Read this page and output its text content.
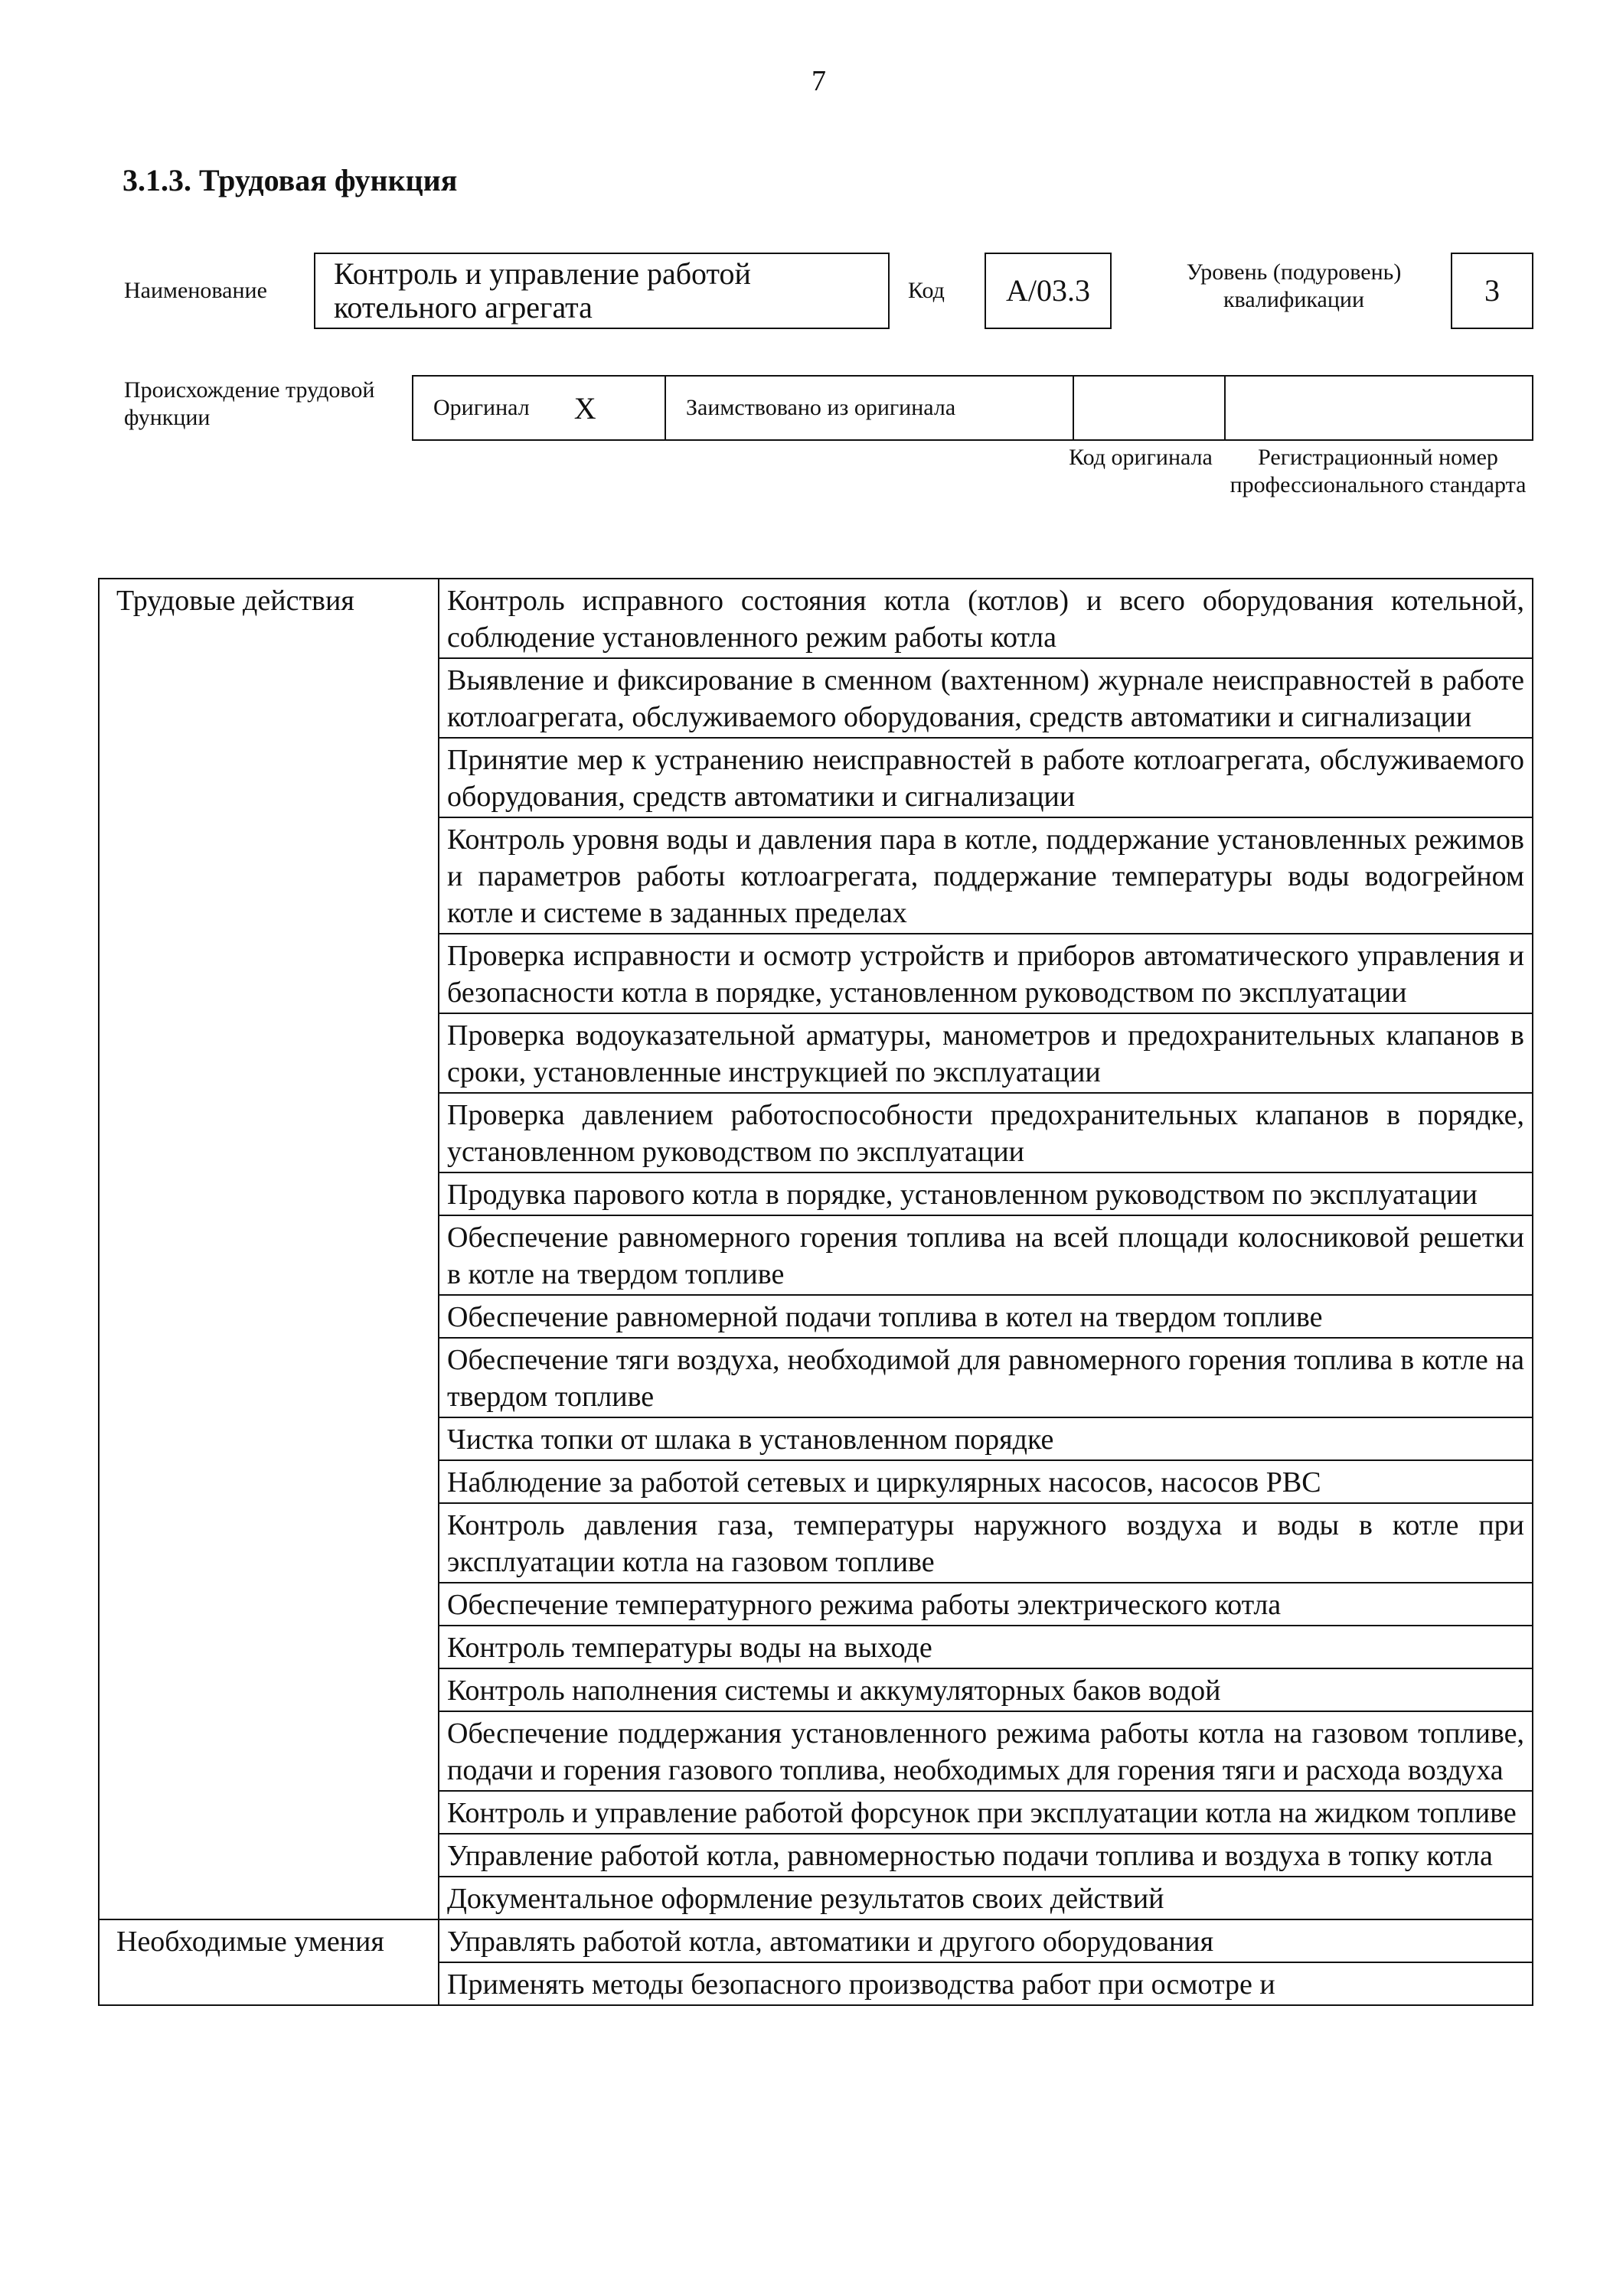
7
3.1.3. Трудовая функция
Наименование	Контроль и управление работой котельного агрегата	Код	A/03.3
Уровень (подуровень) квалификации	3
Происхождение трудовой функции	Оригинал X	Заимствовано из оригинала
Код оригинала	Регистрационный номер профессионального стандарта
Трудовые действия	Контроль исправного состояния котла (котлов) и всего оборудования котельной, соблюдение установленного режим работы котла

	Выявление и фиксирование в сменном (вахтенном) журнале неисправностей в работе котлоагрегата, обслуживаемого оборудования, средств автоматики и сигнализации

	Принятие мер к устранению неисправностей в работе котлоагрегата, обслуживаемого оборудования, средств автоматики и сигнализации

	Контроль уровня воды и давления пара в котле, поддержание установленных режимов и параметров работы котлоагрегата, поддержание температуры воды водогрейном котле и системе в заданных пределах

	Проверка исправности и осмотр устройств и приборов автоматического управления и безопасности котла в порядке, установленном руководством по эксплуатации

	Проверка водоуказательной арматуры, манометров и предохранительных клапанов в сроки, установленные инструкцией по эксплуатации

	Проверка давлением работоспособности предохранительных клапанов в порядке, установленном руководством по эксплуатации

	Продувка парового котла в порядке, установленном руководством по эксплуатации

	Обеспечение равномерного горения топлива на всей площади колосниковой решетки в котле на твердом топливе

	Обеспечение равномерной подачи топлива в котел на твердом топливе

	Обеспечение тяги воздуха, необходимой для равномерного горения топлива в котле на твердом топливе

	Чистка топки от шлака в установленном порядке

	Наблюдение за работой сетевых и циркулярных насосов, насосов РВС

	Контроль давления газа, температуры наружного воздуха и воды в котле при эксплуатации котла на газовом топливе

	Обеспечение температурного режима работы электрического котла

	Контроль температуры воды на выходе

	Контроль наполнения системы и аккумуляторных баков водой

	Обеспечение поддержания установленного режима работы котла на газовом топливе, подачи и горения газового топлива, необходимых для горения тяги и расхода воздуха

	Контроль и управление работой форсунок при эксплуатации котла на жидком топливе

	Управление работой котла, равномерностью подачи топлива и воздуха в топку котла

	Документальное оформление результатов своих действий

Необходимые умения	Управлять работой котла, автоматики и другого оборудования

	Применять методы безопасного производства работ при осмотре и
